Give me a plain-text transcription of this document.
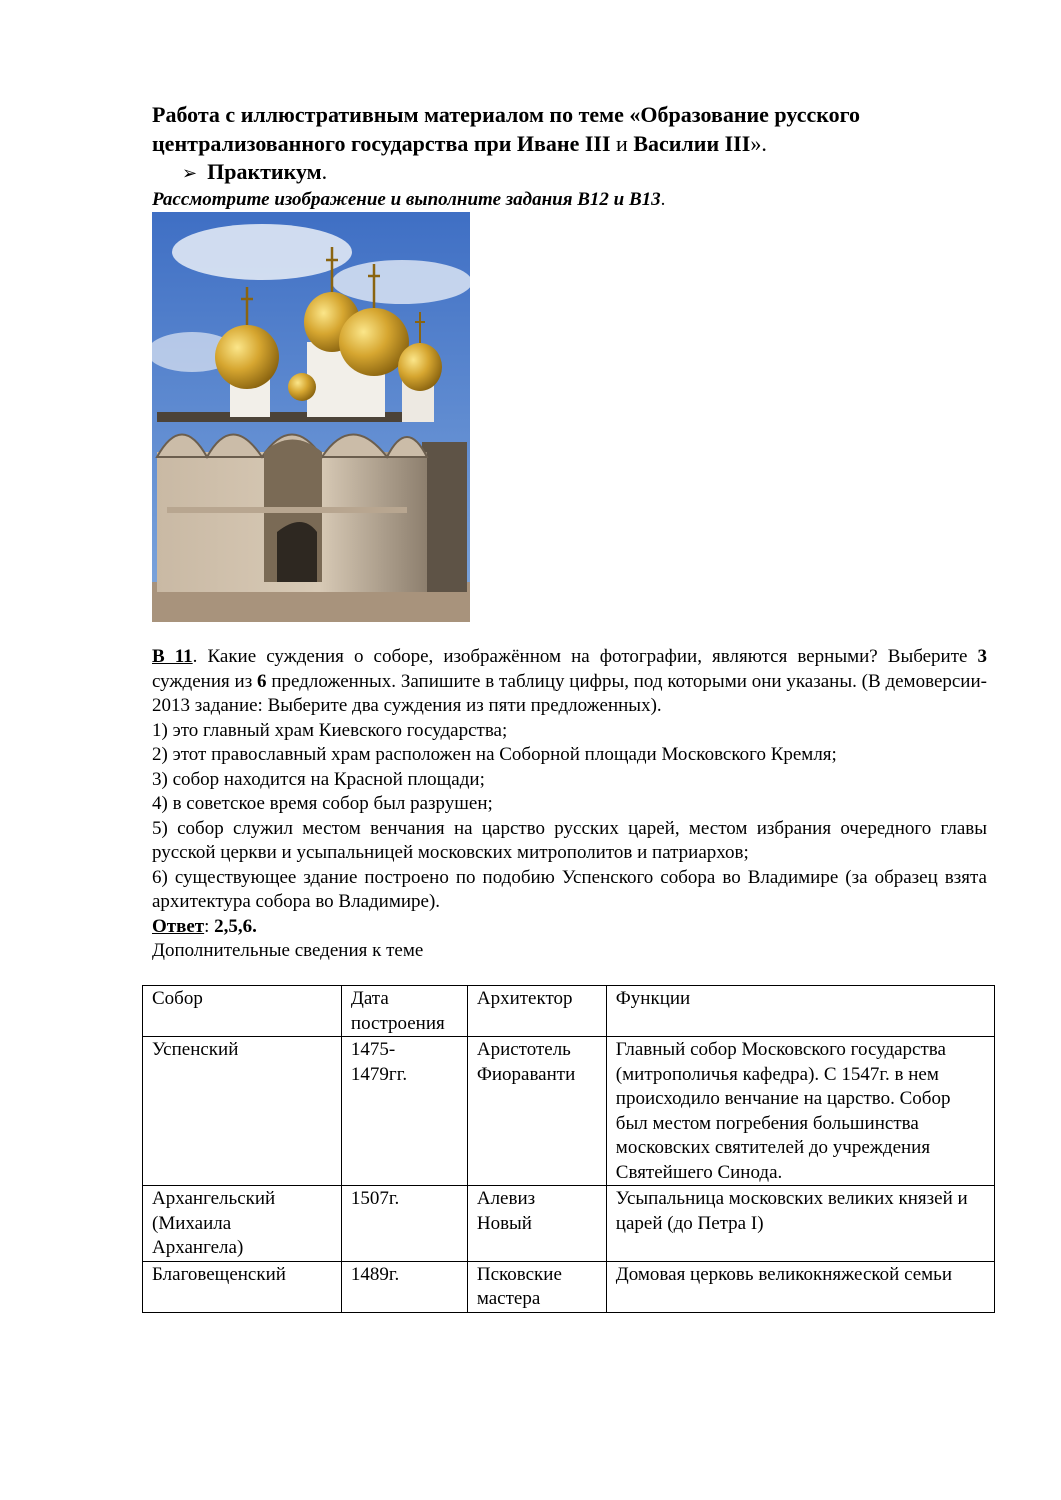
Работа с иллюстративным материалом по теме «Образование русского централизованного государства при Иване III и Василии III».

➢ Практикум.

Рассмотрите изображение и выполните задания В12 и В13.

В 11. Какие суждения о соборе, изображённом на фотографии, являются верными? Выберите 3 суждения из 6 предложенных. Запишите в таблицу цифры, под которыми они указаны. (В демоверсии- 2013 задание: Выберите два суждения из пяти предложенных).

1) это главный храм Киевского государства;

2) этот православный храм расположен на Соборной площади Московского Кремля;

3) собор находится на Красной площади;

4) в советское время собор был разрушен;

5) собор служил местом венчания на царство русских царей, местом избрания очередного главы русской церкви и усыпальницей московских митрополитов и патриархов;

6) существующее здание построено по подобию Успенского собора во Владимире (за образец взята архитектура собора во Владимире).

Ответ: 2,5,6.

Дополнительные сведения к теме

Собор	Дата построения	Архитектор	Функции
Успенский	1475-1479гг.	Аристотель Фиораванти	Главный собор Московского государства (митрополичья кафедра). С 1547г. в нем происходило венчание на царство. Собор был местом погребения большинства московских святителей до учреждения Святейшего Синода.
Архангельский (Михаила Архангела)	1507г.	Алевиз Новый	Усыпальница московских великих князей и царей (до Петра I)
Благовещенский	1489г.	Псковские мастера	Домовая церковь великокняжеской семьи
